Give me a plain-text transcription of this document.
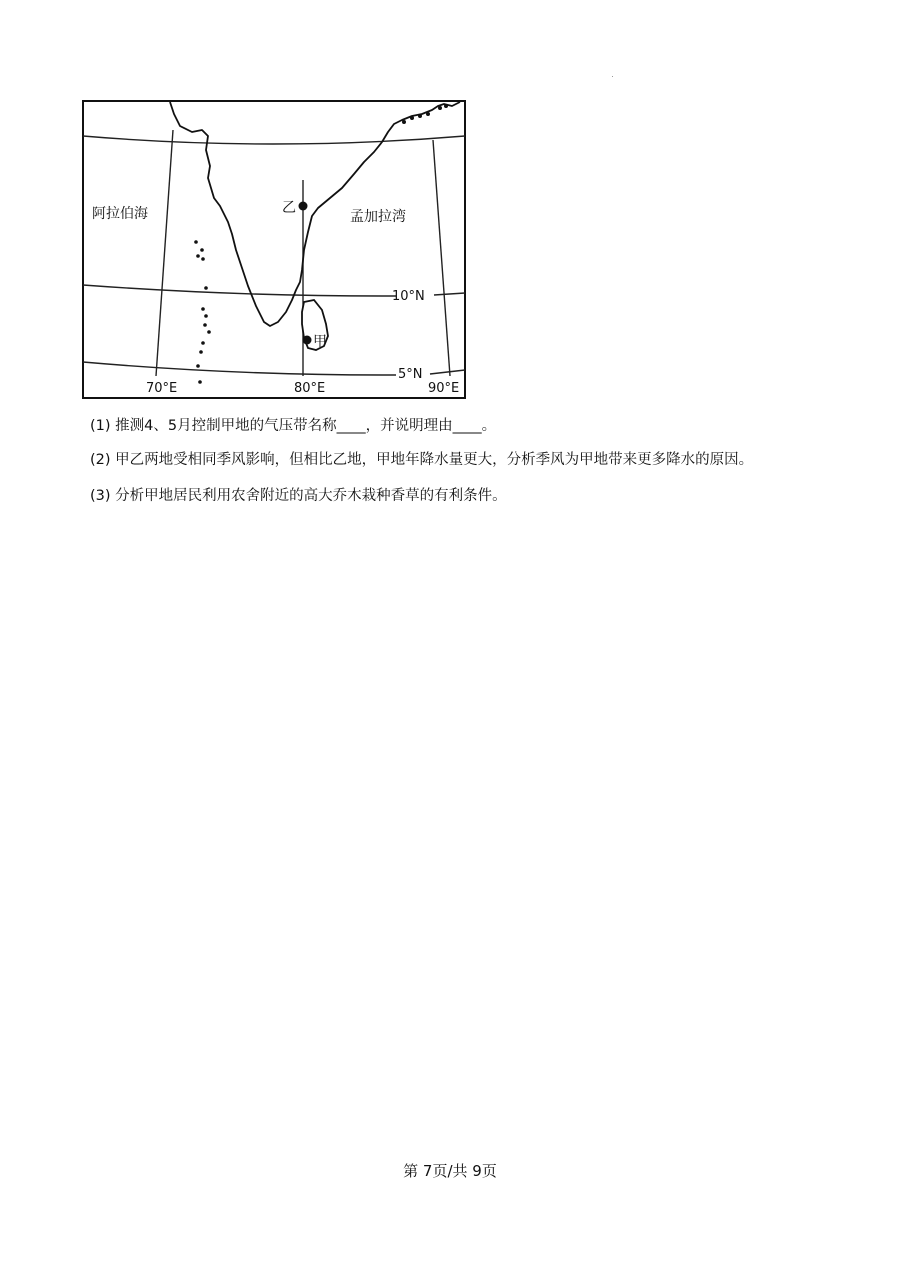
阿拉伯海	孟加拉湾
乙
甲
10°N
5°N
70°E	80°E	90°E
(1) 推测4、5月控制甲地的气压带名称____，并说明理由____。
(2) 甲乙两地受相同季风影响，但相比乙地，甲地年降水量更大，分析季风为甲地带来更多降水的原因。
(3) 分析甲地居民利用农舍附近的高大乔木栽种香草的有利条件。
第 7页/共 9页
